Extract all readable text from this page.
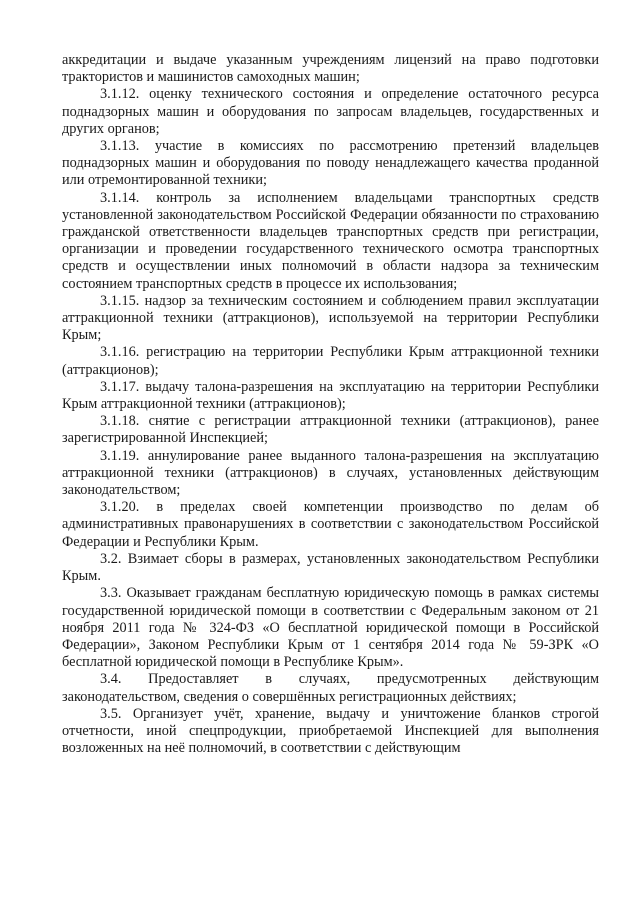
аккредитации и выдаче указанным учреждениям лицензий на право подготовки трактористов и машинистов самоходных машин;

3.1.12. оценку технического состояния и определение остаточного ресурса поднадзорных машин и оборудования по запросам владельцев, государственных и других органов;

3.1.13. участие в комиссиях по рассмотрению претензий владельцев поднадзорных машин и оборудования по поводу ненадлежащего качества проданной или отремонтированной техники;

3.1.14. контроль за исполнением владельцами транспортных средств установленной законодательством Российской Федерации обязанности по страхованию гражданской ответственности владельцев транспортных средств при регистрации, организации и проведении государственного технического осмотра транспортных средств и осуществлении иных полномочий в области надзора за техническим состоянием транспортных средств в процессе их использования;

3.1.15. надзор за техническим состоянием и соблюдением правил эксплуатации аттракционной техники (аттракционов), используемой на территории Республики Крым;

3.1.16. регистрацию на территории Республики Крым аттракционной техники (аттракционов);

3.1.17. выдачу талона-разрешения на эксплуатацию на территории Республики Крым аттракционной техники (аттракционов);

3.1.18. снятие с регистрации аттракционной техники (аттракционов), ранее зарегистрированной Инспекцией;

3.1.19. аннулирование ранее выданного талона-разрешения на эксплуатацию аттракционной техники (аттракционов) в случаях, установленных действующим законодательством;

3.1.20. в пределах своей компетенции производство по делам об административных правонарушениях в соответствии с законодательством Российской Федерации и Республики Крым.

3.2. Взимает сборы в размерах, установленных законодательством Республики Крым.

3.3. Оказывает гражданам бесплатную юридическую помощь в рамках системы государственной юридической помощи в соответствии с Федеральным законом от 21 ноября 2011 года № 324-ФЗ «О бесплатной юридической помощи в Российской Федерации», Законом Республики Крым от 1 сентября 2014 года № 59-ЗРК «О бесплатной юридической помощи в Республике Крым».

3.4. Предоставляет в случаях, предусмотренных действующим законодательством, сведения о совершённых регистрационных действиях;

3.5. Организует учёт, хранение, выдачу и уничтожение бланков строгой отчетности, иной спецпродукции, приобретаемой Инспекцией для выполнения возложенных на неё полномочий, в соответствии с действующим
